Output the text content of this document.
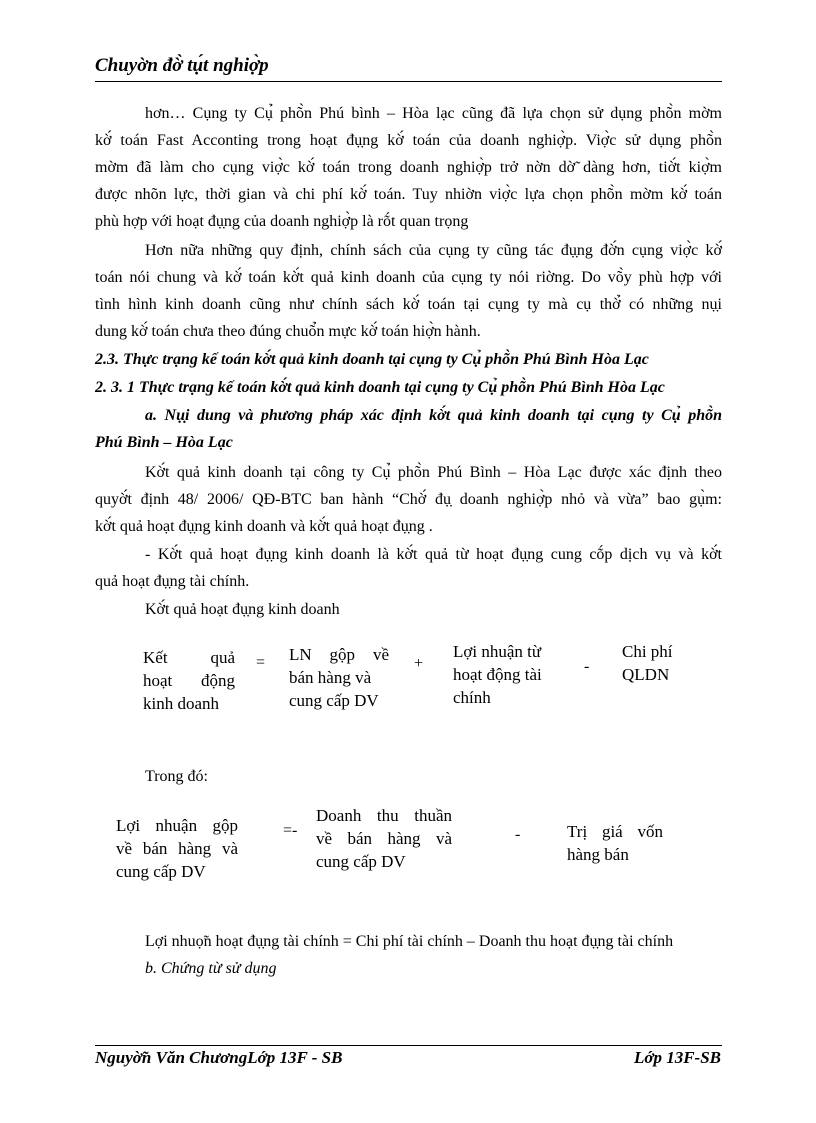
Chuyờn đờ̀ tụ́t nghiợ̀p
hơn… Cụng ty Cụ̉ phõ̀n Phú bình – Hòa lạc cũng đã lựa chọn sử dụng phõ̀n mờm
kờ́ toán Fast Acconting trong hoạt đụ̣ng kờ́ toán của doanh nghiợ̀p. Viợ̀c sử dụng phõ̀n
mờm đã làm cho cụng viợ̀c kờ́ toán trong doanh nghiợ̀p trở nờn dờ̃ dàng hơn, tiờ́t kiợ̀m
được nhõn lực, thời gian và chi phí kờ́ toán. Tuy nhiờn viợ̀c lựa chọn phõ̀n mờm kờ́ toán
phù hợp với hoạt đụ̣ng của doanh nghiợ̀p là rṍt quan trọng
Hơn nữa những quy định, chính sách của cụng ty cũng tác đụ̣ng đờ́n cụng viợ̀c kờ́
toán nói chung và kờ́ toán kờ́t quả kinh doanh của cụng ty nói riờng. Do võ̀y phù hợp với
tình hình kinh doanh cũng như chính sách kờ́ toán tại cụng ty mà cụ thờ̉ có những nụ̣i
dung kờ́ toán chưa theo đúng chuõ̉n mực kờ́ toán hiợ̀n hành.
2.3. Thực trạng kế toán kờ́t quả kinh doanh tại cụng ty Cụ̉ phõ̀n Phú Bình Hòa Lạc
2. 3. 1 Thực trạng kế toán kờ́t quả kinh doanh tại cụng ty Cụ̉ phõ̀n Phú Bình Hòa Lạc
a. Nụ̣i dung và phương pháp xác định kờ́t quả kinh doanh tại cụng ty Cụ̉ phõ̀n
Phú Bình – Hòa Lạc
Kờ́t quả kinh doanh tại công ty Cụ̉ phõ̀n Phú Bình – Hòa Lạc được xác định theo
quyờ́t định 48/ 2006/ QĐ-BTC ban hành “Chờ́ đụ̣ doanh nghiợ̀p nhỏ và vừa” bao gụ̀m:
kờ́t quả hoạt đụ̣ng kinh doanh và kờ́t quả hoạt đụ̣ng .
- Kờ́t quả hoạt đụ̣ng kinh doanh là kờ́t quả từ hoạt đụ̣ng cung cṍp dịch vụ và kờ́t
quả hoạt đụ̣ng tài chính.
Kờ́t quả hoạt đụ̣ng kinh doanh
Kết quả
hoạt động
kinh doanh
= LN gộp về
bán hàng và
cung cấp DV
+
Lợi nhuận từ
hoạt động tài
chính
-
Chi phí
QLDN
Trong đó:
Lợi nhuận gộp
về bán hàng và
cung cấp DV
=-
Doanh thu thuần
về bán hàng và
cung cấp DV
-	Trị giá vốn
hàng bán
Lợi nhuọ̃n hoạt đụ̣ng tài chính = Chi phí tài chính – Doanh thu hoạt đụ̣ng tài chính
b. Chứng từ sử dụng
Nguyờ̃n Văn ChươngLớp 13F - SB	Lớp 13F-SB
